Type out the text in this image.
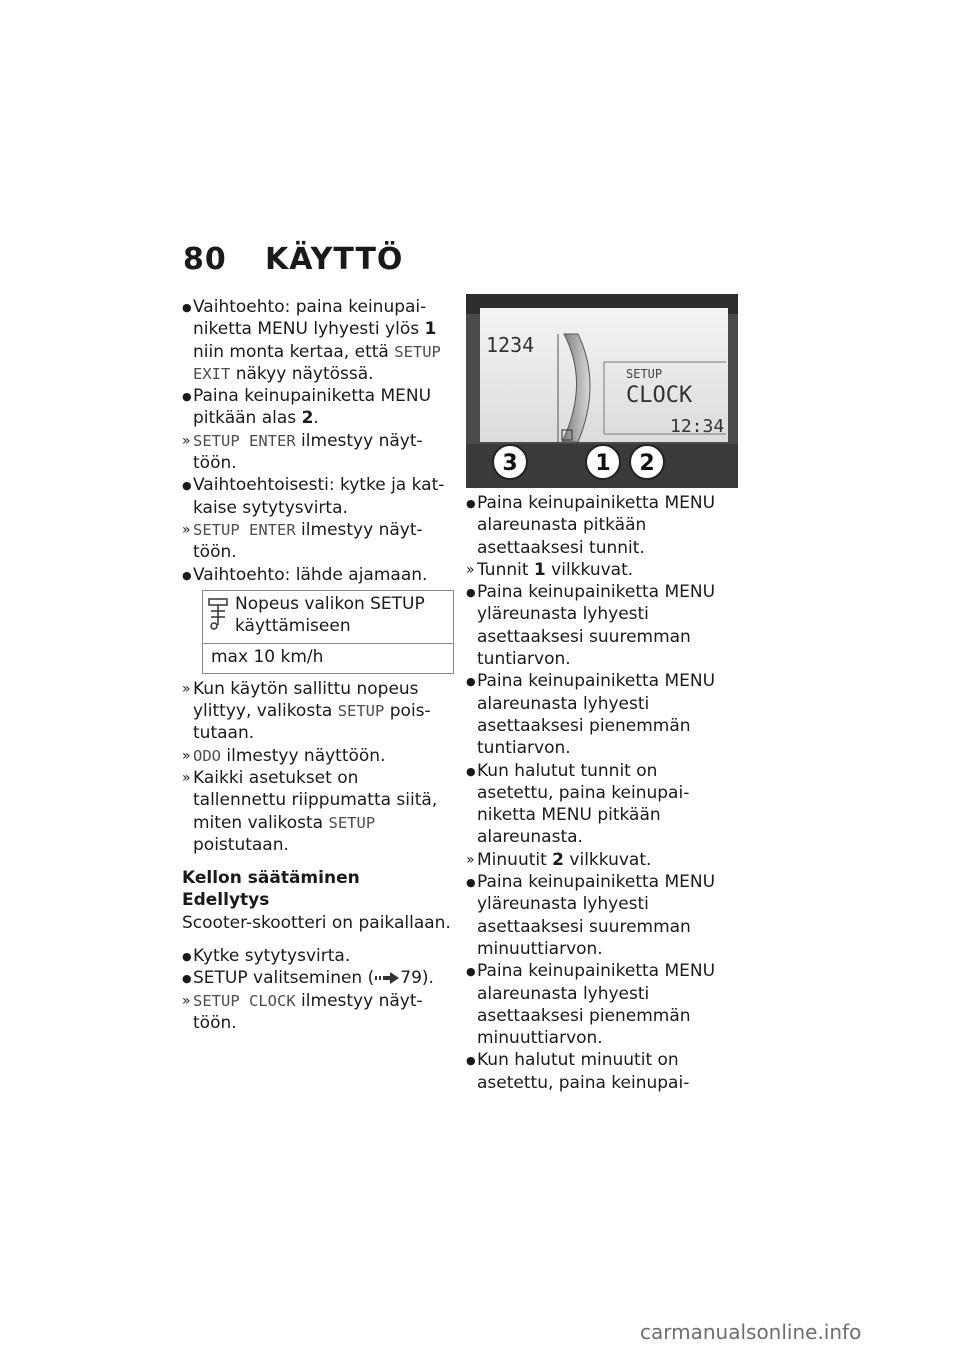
80 KÄYTTÖ
● Vaihtoehto: paina keinupainiketta MENU lyhyesti ylös 1 niin monta kertaa, että SETUP EXIT näkyy näytössä.
● Paina keinupainiketta MENU pitkään alas 2.
» SETUP ENTER ilmestyy näyttöön.
● Vaihtoehtoisesti: kytke ja katkaise sytytysvirta.
» SETUP ENTER ilmestyy näyttöön.
● Vaihtoehto: lähde ajamaan.
Nopeus valikon SETUP käyttämiseen
max 10 km/h
» Kun käytön sallittu nopeus ylittyy, valikosta SETUP poistutaan.
» ODO ilmestyy näyttöön.
» Kaikki asetukset on tallennettu riippumatta siitä, miten valikosta SETUP poistutaan.
Kellon säätäminen
Edellytys
Scooter-skootteri on paikallaan.
● Kytke sytytysvirta.
● SETUP valitseminen ( 79).
» SETUP CLOCK ilmestyy näyttöön.
1234
SETUP
CLOCK
12:34
3	1 2
● Paina keinupainiketta MENU alareunasta pitkään asettaaksesi tunnit.
» Tunnit 1 vilkkuvat.
● Paina keinupainiketta MENU yläreunasta lyhyesti asettaaksesi suuremman tuntiarvon.
● Paina keinupainiketta MENU alareunasta lyhyesti asettaaksesi pienemmän tuntiarvon.
● Kun halutut tunnit on asetettu, paina keinupainiketta MENU pitkään alareunasta.
» Minuutit 2 vilkkuvat.
● Paina keinupainiketta MENU yläreunasta lyhyesti asettaaksesi suuremman minuuttiarvon.
● Paina keinupainiketta MENU alareunasta lyhyesti asettaaksesi pienemmän minuuttiarvon.
● Kun halutut minuutit on asetettu, paina keinupai-
carmanualsonline.info
